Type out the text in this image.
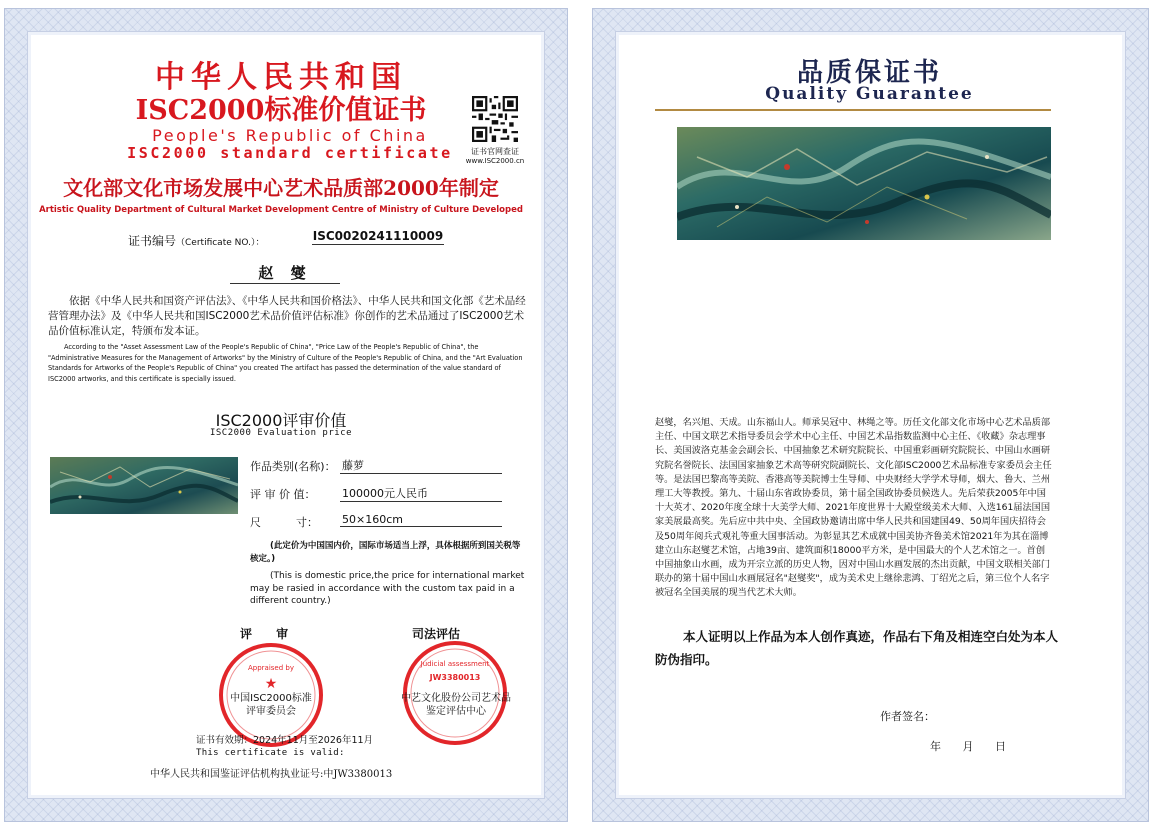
中华人民共和国
ISC2000标准价值证书
People's Republic of China
ISC2000 standard certificate	证书官网查证
www.ISC2000.cn
文化部文化市场发展中心艺术品质部2000年制定
Artistic Quality Department of Cultural Market Development Centre of Ministry of Culture Developed
证书编号（Certificate NO.）：	ISC0020241110009
赵 燮
依据《中华人民共和国资产评估法》、《中华人民共和国价格法》、中华人民共和国文化部《艺术品经营管理办法》及《中华人民共和国ISC2000艺术品价值评估标准》你创作的艺术品通过了ISC2000艺术品价值标准认定，特颁布发本证。
According to the "Asset Assessment Law of the People's Republic of China", "Price Law of the People's Republic of China", the "Administrative Measures for the Management of Artworks" by the Ministry of Culture of the People's Republic of China, and the "Art Evaluation Standards for Artworks of the People's Republic of China" you created The artifact has passed the determination of the value standard of ISC2000 artworks, and this certificate is specially issued.
ISC2000评审价值
ISC2000 Evaluation price
作品类别(名称)： 藤萝
评 审 价 值： 100000元人民币
尺          寸： 50×160cm
(此定价为中国国内价，国际市场适当上浮，具体根据所到国关税等核定。)
(This is domestic price,the price for international market may be rasied in accordance with the custom tax paid in a different country.)
评 审	司法评估
Appraised by
★
中国ISC2000标准
评审委员会
Judicial assessment
JW3380013
中艺文化股份公司艺术品
鉴定评估中心
证书有效期：2024年11月至2026年11月
This certificate is valid:
中华人民共和国鉴证评估机构执业证号:中JW3380013
品质保证书
Quality Guarantee
赵燮，名兴旭、天成。山东福山人。师承吴冠中、林绳之等。历任文化部文化市场中心艺术品质部主任、中国文联艺术指导委员会学术中心主任、中国艺术品指数监测中心主任、《收藏》杂志理事长、美国波洛克基金会副会长、中国抽象艺术研究院院长、中国重彩画研究院院长、中国山水画研究院名誉院长、法国国家抽象艺术高等研究院副院长、文化部ISC2000艺术品标准专家委员会主任等。是法国巴黎高等美院、香港高等美院博士生导师、中央财经大学学术导师，烟大、鲁大、兰州理工大等教授。第九、十届山东省政协委员，第十届全国政协委员候选人。先后荣获2005年中国十大英才、2020年度全球十大美学大师、2021年度世界十大殿堂级美术大师、入选161届法国国家美展最高奖。先后应中共中央、全国政协邀请出席中华人民共和国建国49、50周年国庆招待会及50周年阅兵式观礼等重大国事活动。为彰显其艺术成就中国美协齐鲁美术馆2021年为其在淄博建立山东赵燮艺术馆，占地39亩、建筑面积18000平方米，是中国最大的个人艺术馆之一。首创中国抽象山水画，成为开宗立派的历史人物，因对中国山水画发展的杰出贡献，中国文联相关部门联办的第十届中国山水画展冠名"赵燮奖"，成为美术史上继徐悲鸿、丁绍光之后，第三位个人名字被冠名全国美展的现当代艺术大师。
本人证明以上作品为本人创作真迹，作品右下角及相连空白处为本人防伪指印。
作者签名：
年 月 日
